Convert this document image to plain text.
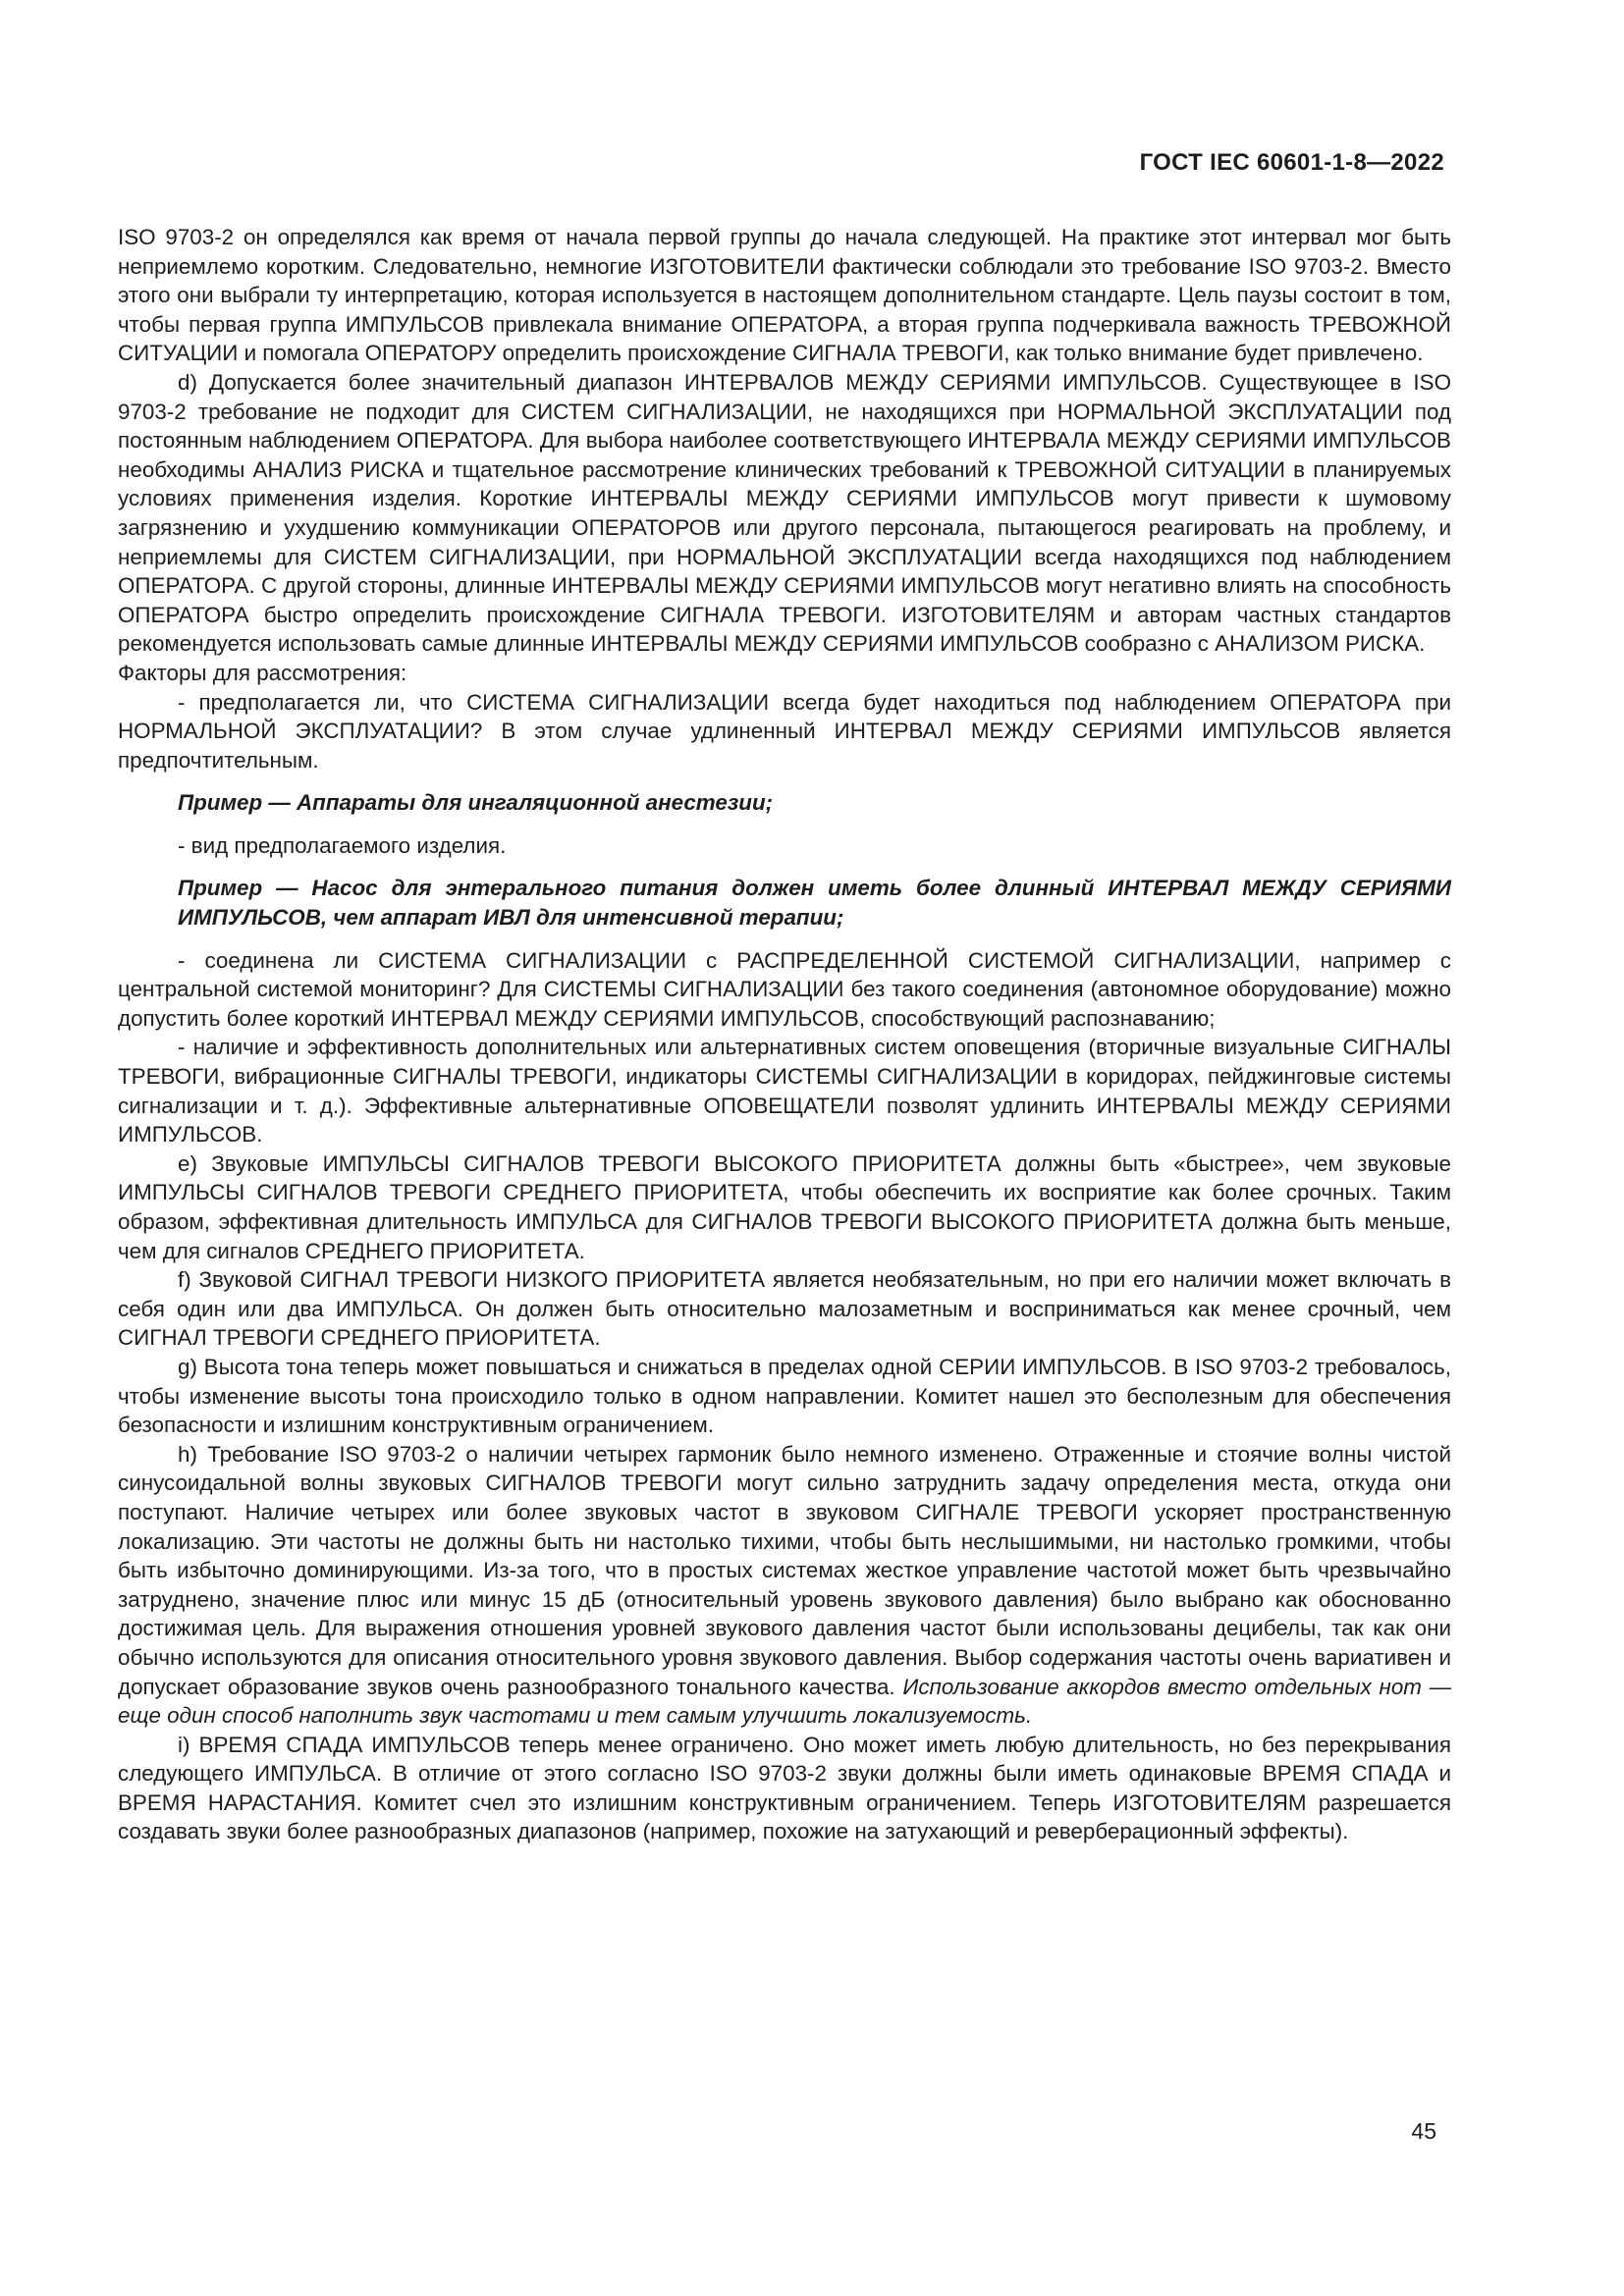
ГОСТ IEC 60601-1-8—2022

ISO 9703-2 он определялся как время от начала первой группы до начала следующей. На практике этот интервал мог быть неприемлемо коротким. Следовательно, немногие ИЗГОТОВИТЕЛИ фактически соблюдали это требование ISO 9703-2. Вместо этого они выбрали ту интерпретацию, которая используется в настоящем дополнительном стандарте. Цель паузы состоит в том, чтобы первая группа ИМПУЛЬСОВ привлекала внимание ОПЕРАТОРА, а вторая группа подчеркивала важность ТРЕВОЖНОЙ СИТУАЦИИ и помогала ОПЕРАТОРУ определить происхождение СИГНАЛА ТРЕВОГИ, как только внимание будет привлечено.

d) Допускается более значительный диапазон ИНТЕРВАЛОВ МЕЖДУ СЕРИЯМИ ИМПУЛЬСОВ. Существующее в ISO 9703-2 требование не подходит для СИСТЕМ СИГНАЛИЗАЦИИ, не находящихся при НОРМАЛЬНОЙ ЭКСПЛУАТАЦИИ под постоянным наблюдением ОПЕРАТОРА. Для выбора наиболее соответствующего ИНТЕРВАЛА МЕЖДУ СЕРИЯМИ ИМПУЛЬСОВ необходимы АНАЛИЗ РИСКА и тщательное рассмотрение клинических требований к ТРЕВОЖНОЙ СИТУАЦИИ в планируемых условиях применения изделия. Короткие ИНТЕРВАЛЫ МЕЖДУ СЕРИЯМИ ИМПУЛЬСОВ могут привести к шумовому загрязнению и ухудшению коммуникации ОПЕРАТОРОВ или другого персонала, пытающегося реагировать на проблему, и неприемлемы для СИСТЕМ СИГНАЛИЗАЦИИ, при НОРМАЛЬНОЙ ЭКСПЛУАТАЦИИ всегда находящихся под наблюдением ОПЕРАТОРА. С другой стороны, длинные ИНТЕРВАЛЫ МЕЖДУ СЕРИЯМИ ИМПУЛЬСОВ могут негативно влиять на способность ОПЕРАТОРА быстро определить происхождение СИГНАЛА ТРЕВОГИ. ИЗГОТОВИТЕЛЯМ и авторам частных стандартов рекомендуется использовать самые длинные ИНТЕРВАЛЫ МЕЖДУ СЕРИЯМИ ИМПУЛЬСОВ сообразно с АНАЛИЗОМ РИСКА.

Факторы для рассмотрения:

- предполагается ли, что СИСТЕМА СИГНАЛИЗАЦИИ всегда будет находиться под наблюдением ОПЕРАТОРА при НОРМАЛЬНОЙ ЭКСПЛУАТАЦИИ? В этом случае удлиненный ИНТЕРВАЛ МЕЖДУ СЕРИЯМИ ИМПУЛЬСОВ является предпочтительным.

Пример — Аппараты для ингаляционной анестезии;

- вид предполагаемого изделия.

Пример — Насос для энтерального питания должен иметь более длинный ИНТЕРВАЛ МЕЖДУ СЕРИЯМИ ИМПУЛЬСОВ, чем аппарат ИВЛ для интенсивной терапии;

- соединена ли СИСТЕМА СИГНАЛИЗАЦИИ с РАСПРЕДЕЛЕННОЙ СИСТЕМОЙ СИГНАЛИЗАЦИИ, например с центральной системой мониторинг? Для СИСТЕМЫ СИГНАЛИЗАЦИИ без такого соединения (автономное оборудование) можно допустить более короткий ИНТЕРВАЛ МЕЖДУ СЕРИЯМИ ИМПУЛЬСОВ, способствующий распознаванию;

- наличие и эффективность дополнительных или альтернативных систем оповещения (вторичные визуальные СИГНАЛЫ ТРЕВОГИ, вибрационные СИГНАЛЫ ТРЕВОГИ, индикаторы СИСТЕМЫ СИГНАЛИЗАЦИИ в коридорах, пейджинговые системы сигнализации и т. д.). Эффективные альтернативные ОПОВЕЩАТЕЛИ позволят удлинить ИНТЕРВАЛЫ МЕЖДУ СЕРИЯМИ ИМПУЛЬСОВ.

e) Звуковые ИМПУЛЬСЫ СИГНАЛОВ ТРЕВОГИ ВЫСОКОГО ПРИОРИТЕТА должны быть «быстрее», чем звуковые ИМПУЛЬСЫ СИГНАЛОВ ТРЕВОГИ СРЕДНЕГО ПРИОРИТЕТА, чтобы обеспечить их восприятие как более срочных. Таким образом, эффективная длительность ИМПУЛЬСА для СИГНАЛОВ ТРЕВОГИ ВЫСОКОГО ПРИОРИТЕТА должна быть меньше, чем для сигналов СРЕДНЕГО ПРИОРИТЕТА.

f) Звуковой СИГНАЛ ТРЕВОГИ НИЗКОГО ПРИОРИТЕТА является необязательным, но при его наличии может включать в себя один или два ИМПУЛЬСА. Он должен быть относительно малозаметным и восприниматься как менее срочный, чем СИГНАЛ ТРЕВОГИ СРЕДНЕГО ПРИОРИТЕТА.

g) Высота тона теперь может повышаться и снижаться в пределах одной СЕРИИ ИМПУЛЬСОВ. В ISO 9703-2 требовалось, чтобы изменение высоты тона происходило только в одном направлении. Комитет нашел это бесполезным для обеспечения безопасности и излишним конструктивным ограничением.

h) Требование ISO 9703-2 о наличии четырех гармоник было немного изменено. Отраженные и стоячие волны чистой синусоидальной волны звуковых СИГНАЛОВ ТРЕВОГИ могут сильно затруднить задачу определения места, откуда они поступают. Наличие четырех или более звуковых частот в звуковом СИГНАЛЕ ТРЕВОГИ ускоряет пространственную локализацию. Эти частоты не должны быть ни настолько тихими, чтобы быть неслышимыми, ни настолько громкими, чтобы быть избыточно доминирующими. Из-за того, что в простых системах жесткое управление частотой может быть чрезвычайно затруднено, значение плюс или минус 15 дБ (относительный уровень звукового давления) было выбрано как обоснованно достижимая цель. Для выражения отношения уровней звукового давления частот были использованы децибелы, так как они обычно используются для описания относительного уровня звукового давления. Выбор содержания частоты очень вариативен и допускает образование звуков очень разнообразного тонального качества. Использование аккордов вместо отдельных нот — еще один способ наполнить звук частотами и тем самым улучшить локализуемость.

i) ВРЕМЯ СПАДА ИМПУЛЬСОВ теперь менее ограничено. Оно может иметь любую длительность, но без перекрывания следующего ИМПУЛЬСА. В отличие от этого согласно ISO 9703-2 звуки должны были иметь одинаковые ВРЕМЯ СПАДА и ВРЕМЯ НАРАСТАНИЯ. Комитет счел это излишним конструктивным ограничением. Теперь ИЗГОТОВИТЕЛЯМ разрешается создавать звуки более разнообразных диапазонов (например, похожие на затухающий и реверберационный эффекты).

45
